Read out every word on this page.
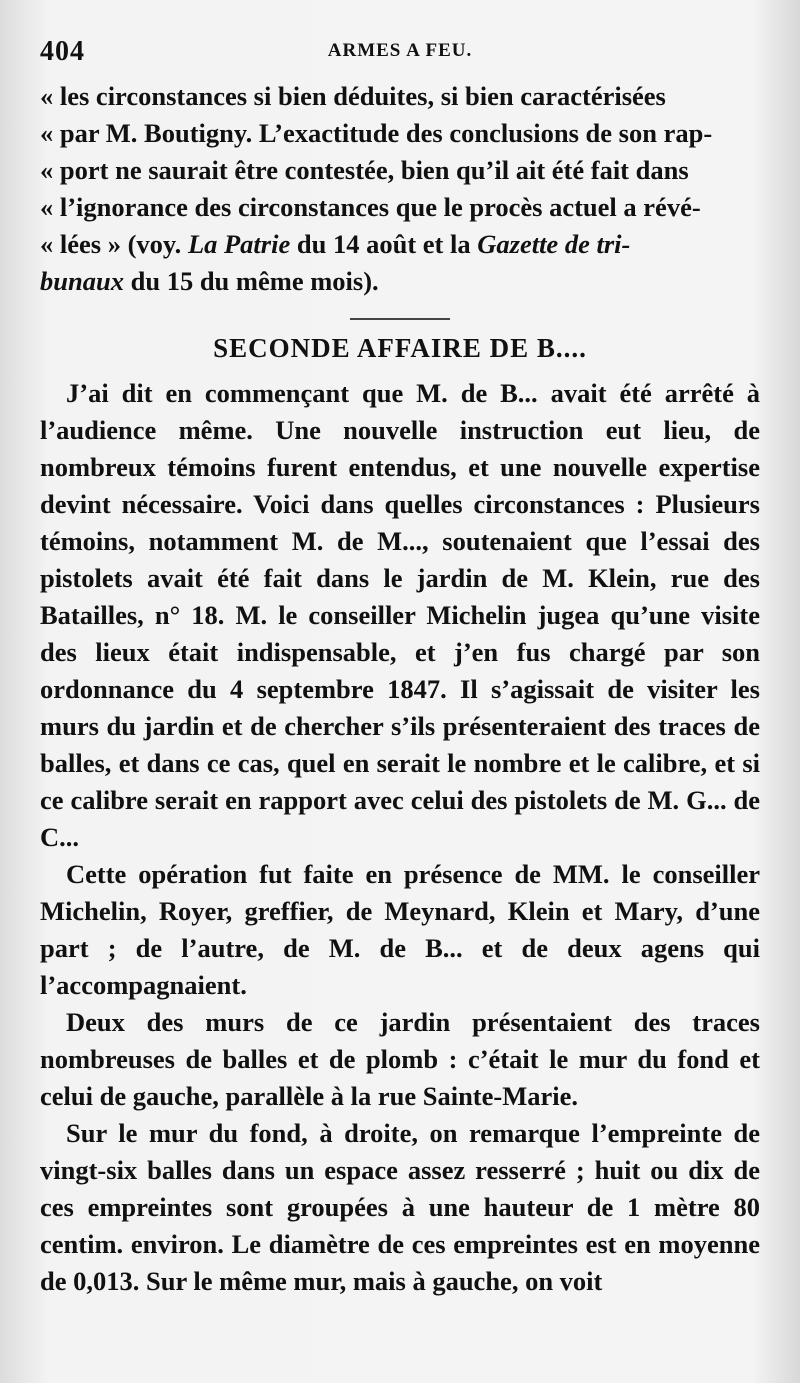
404	ARMES A FEU.

« les circonstances si bien déduites, si bien caractérisées

« par M. Boutigny. L’exactitude des conclusions de son rap-

« port ne saurait être contestée, bien qu’il ait été fait dans

« l’ignorance des circonstances que le procès actuel a révé-

« lées » (voy. La Patrie du 14 août et la Gazette de tri-

bunaux du 15 du même mois).

SECONDE AFFAIRE DE B....

J’ai dit en commençant que M. de B... avait été arrêté à l’audience même. Une nouvelle instruction eut lieu, de nombreux témoins furent entendus, et une nouvelle expertise devint nécessaire. Voici dans quelles circonstances : Plusieurs témoins, notamment M. de M..., soutenaient que l’essai des pistolets avait été fait dans le jardin de M. Klein, rue des Batailles, n° 18. M. le conseiller Michelin jugea qu’une visite des lieux était indispensable, et j’en fus chargé par son ordonnance du 4 septembre 1847. Il s’agissait de visiter les murs du jardin et de chercher s’ils présenteraient des traces de balles, et dans ce cas, quel en serait le nombre et le calibre, et si ce calibre serait en rapport avec celui des pistolets de M. G... de C...

Cette opération fut faite en présence de MM. le conseiller Michelin, Royer, greffier, de Meynard, Klein et Mary, d’une part ; de l’autre, de M. de B... et de deux agens qui l’accompagnaient.

Deux des murs de ce jardin présentaient des traces nombreuses de balles et de plomb : c’était le mur du fond et celui de gauche, parallèle à la rue Sainte-Marie.

Sur le mur du fond, à droite, on remarque l’empreinte de vingt-six balles dans un espace assez resserré ; huit ou dix de ces empreintes sont groupées à une hauteur de 1 mètre 80 centim. environ. Le diamètre de ces empreintes est en moyenne de 0,013. Sur le même mur, mais à gauche, on voit
